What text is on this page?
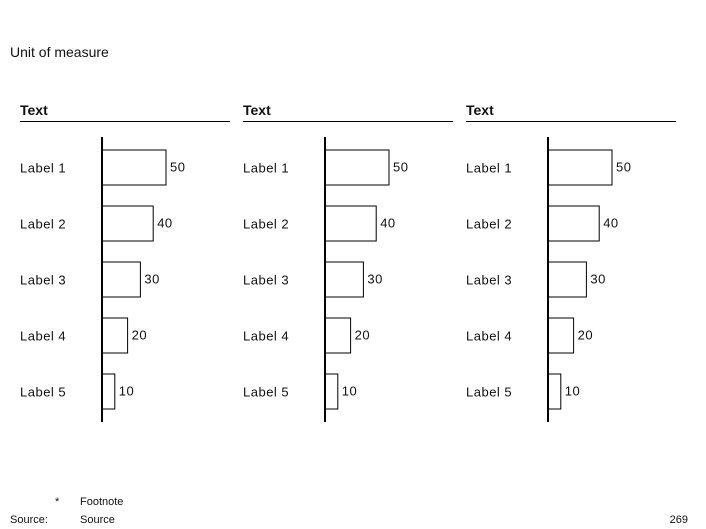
Unit of measure
Text
Label 1	50
Label 2	40
Label 3	30
Label 4	20
Label 5	10
Text
Label 1	50
Label 2	40
Label 3	30
Label 4	20
Label 5	10
Text
Label 1	50
Label 2	40
Label 3	30
Label 4	20
Label 5	10
* Footnote
Source:	Source	269
